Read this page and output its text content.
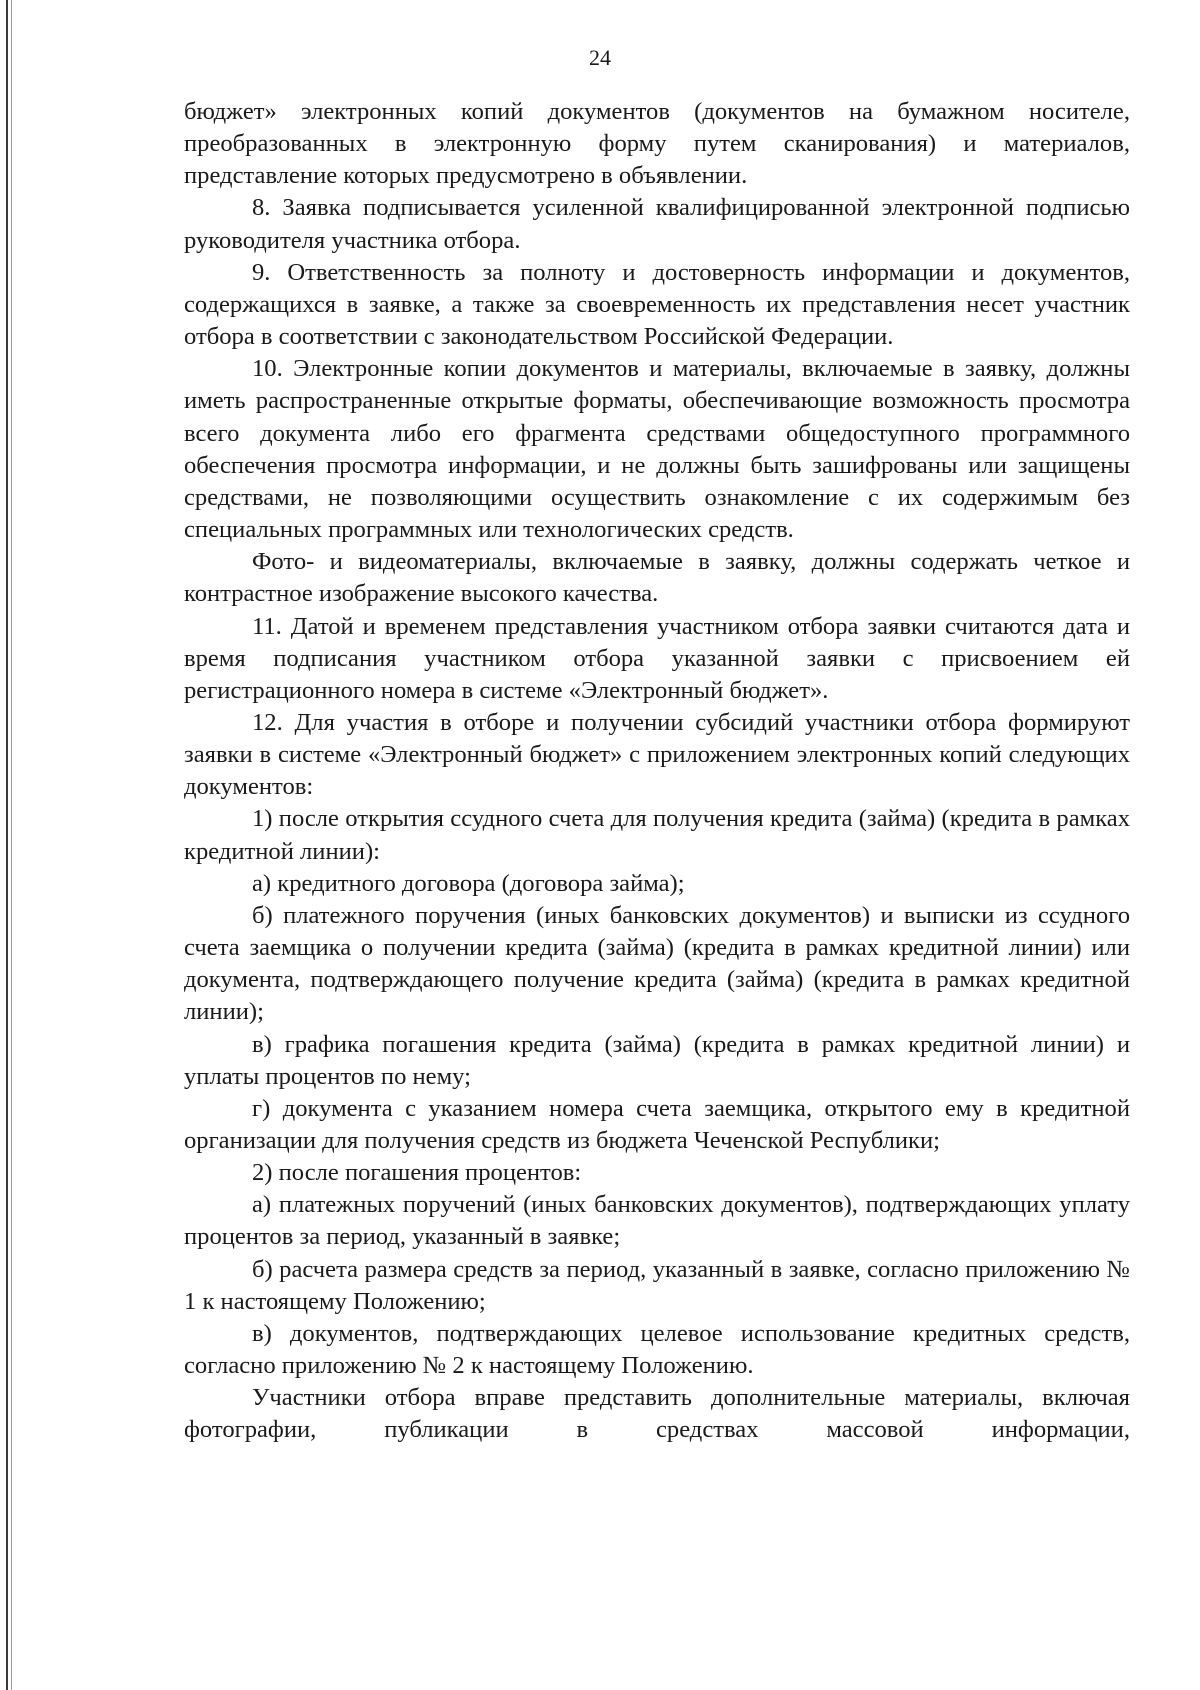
24

бюджет» электронных копий документов (документов на бумажном носителе, преобразованных в электронную форму путем сканирования) и материалов, представление которых предусмотрено в объявлении.

8. Заявка подписывается усиленной квалифицированной электронной подписью руководителя участника отбора.

9. Ответственность за полноту и достоверность информации и документов, содержащихся в заявке, а также за своевременность их представления несет участник отбора в соответствии с законодательством Российской Федерации.

10. Электронные копии документов и материалы, включаемые в заявку, должны иметь распространенные открытые форматы, обеспечивающие возможность просмотра всего документа либо его фрагмента средствами общедоступного программного обеспечения просмотра информации, и не должны быть зашифрованы или защищены средствами, не позволяющими осуществить ознакомление с их содержимым без специальных программных или технологических средств.

Фото- и видеоматериалы, включаемые в заявку, должны содержать четкое и контрастное изображение высокого качества.

11. Датой и временем представления участником отбора заявки считаются дата и время подписания участником отбора указанной заявки с присвоением ей регистрационного номера в системе «Электронный бюджет».

12. Для участия в отборе и получении субсидий участники отбора формируют заявки в системе «Электронный бюджет» с приложением электронных копий следующих документов:

1) после открытия ссудного счета для получения кредита (займа) (кредита в рамках кредитной линии):

а) кредитного договора (договора займа);

б) платежного поручения (иных банковских документов) и выписки из ссудного счета заемщика о получении кредита (займа) (кредита в рамках кредитной линии) или документа, подтверждающего получение кредита (займа) (кредита в рамках кредитной линии);

в) графика погашения кредита (займа) (кредита в рамках кредитной линии) и уплаты процентов по нему;

г) документа с указанием номера счета заемщика, открытого ему в кредитной организации для получения средств из бюджета Чеченской Республики;

2) после погашения процентов:

а) платежных поручений (иных банковских документов), подтверждающих уплату процентов за период, указанный в заявке;

б) расчета размера средств за период, указанный в заявке, согласно приложению № 1 к настоящему Положению;

в) документов, подтверждающих целевое использование кредитных средств, согласно приложению № 2 к настоящему Положению.

Участники отбора вправе представить дополнительные материалы, включая фотографии, публикации в средствах массовой информации,
